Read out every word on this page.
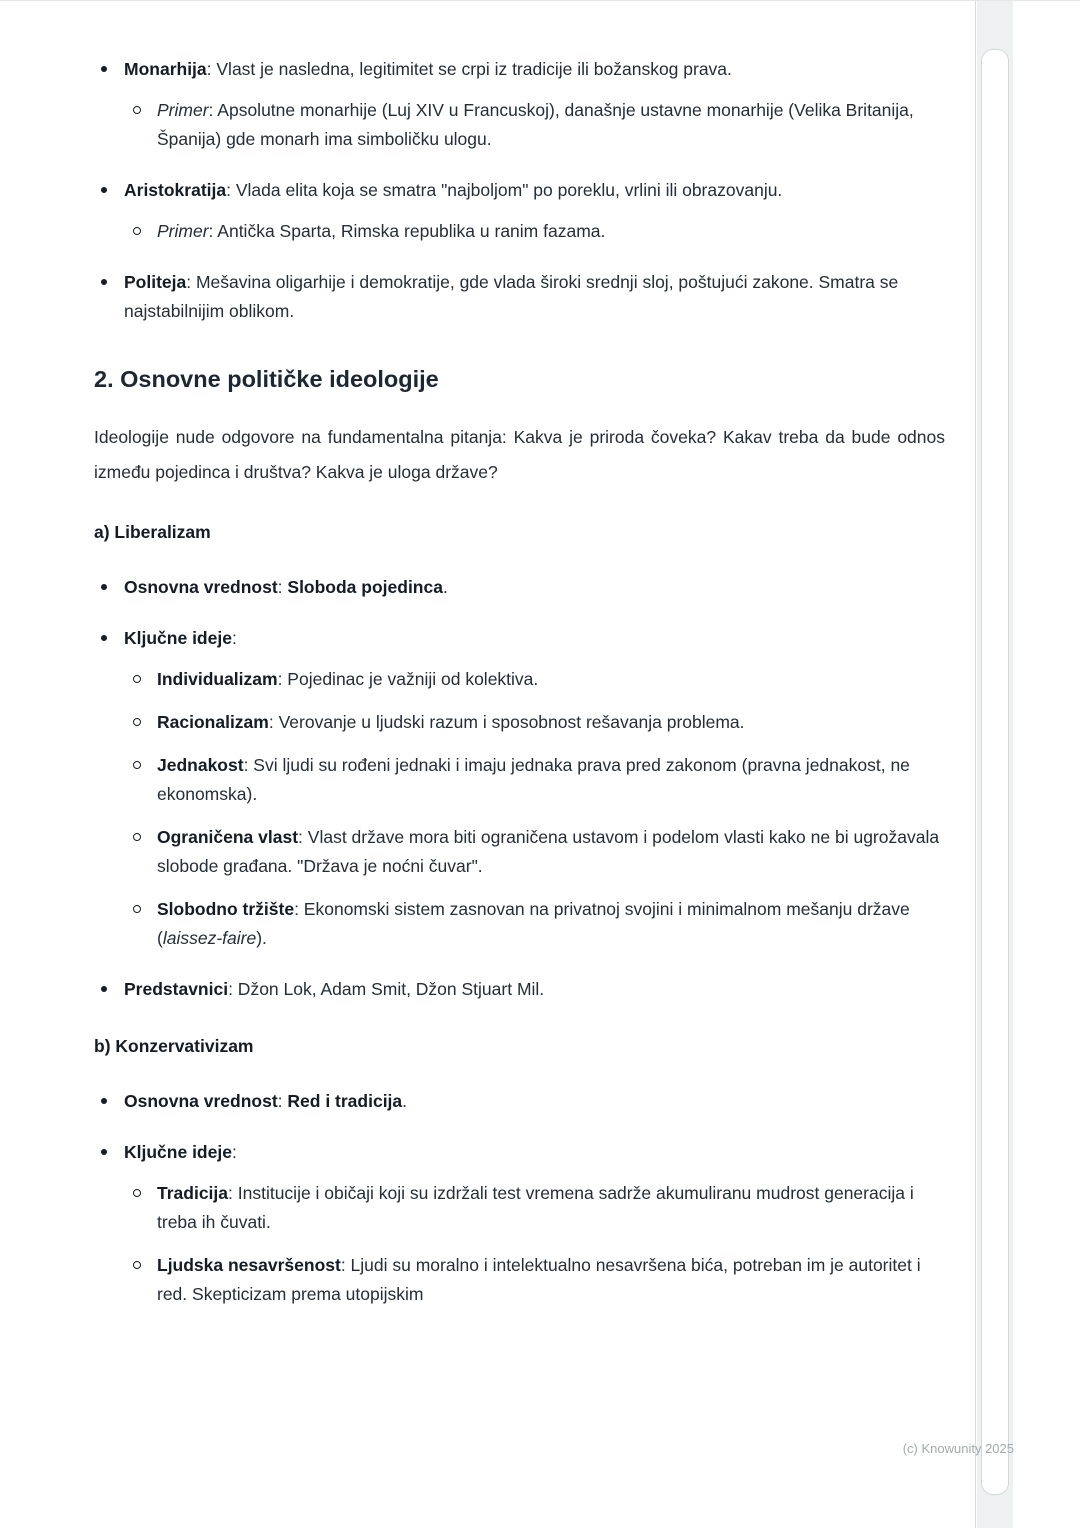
Monarhija: Vlast je nasledna, legitimitet se crpi iz tradicije ili božanskog prava.
Primer: Apsolutne monarhije (Luj XIV u Francuskoj), današnje ustavne monarhije (Velika Britanija, Španija) gde monarh ima simboličku ulogu.
Aristokratija: Vlada elita koja se smatra "najboljom" po poreklu, vrlini ili obrazovanju.
Primer: Antička Sparta, Rimska republika u ranim fazama.
Politeja: Mešavina oligarhije i demokratije, gde vlada široki srednji sloj, poštujući zakone. Smatra se najstabilnijim oblikom.
2. Osnovne političke ideologije

Ideologije nude odgovore na fundamentalna pitanja: Kakva je priroda čoveka? Kakav treba da bude odnos između pojedinca i društva? Kakva je uloga države?

a) Liberalizam
Osnovna vrednost: Sloboda pojedinca.
Ključne ideje:
Individualizam: Pojedinac je važniji od kolektiva.
Racionalizam: Verovanje u ljudski razum i sposobnost rešavanja problema.
Jednakost: Svi ljudi su rođeni jednaki i imaju jednaka prava pred zakonom (pravna jednakost, ne ekonomska).
Ograničena vlast: Vlast države mora biti ograničena ustavom i podelom vlasti kako ne bi ugrožavala slobode građana. "Država je noćni čuvar".
Slobodno tržište: Ekonomski sistem zasnovan na privatnoj svojini i minimalnom mešanju države (laissez-faire).
Predstavnici: Džon Lok, Adam Smit, Džon Stjuart Mil.
b) Konzervativizam
Osnovna vrednost: Red i tradicija.
Ključne ideje:
Tradicija: Institucije i običaji koji su izdržali test vremena sadrže akumuliranu mudrost generacija i treba ih čuvati.
Ljudska nesavršenost: Ljudi su moralno i intelektualno nesavršena bića, potreban im je autoritet i red. Skepticizam prema utopijskim
(c) Knowunity 2025
